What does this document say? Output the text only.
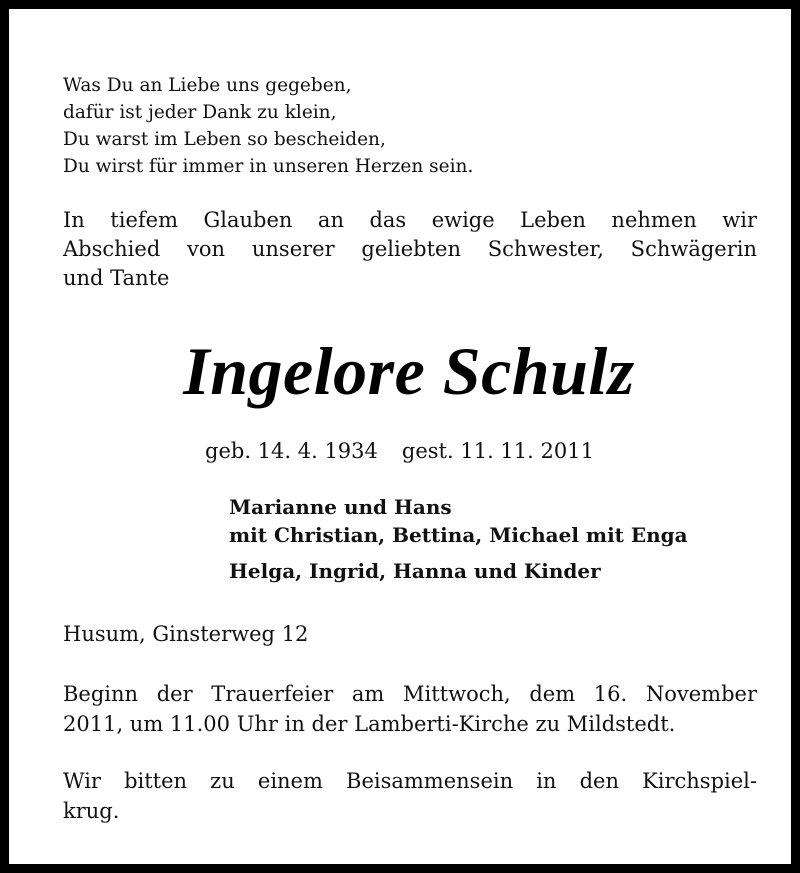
Was Du an Liebe uns gegeben,
dafür ist jeder Dank zu klein,
Du warst im Leben so bescheiden,
Du wirst für immer in unseren Herzen sein.
In tiefem Glauben an das ewige Leben nehmen wir
Abschied von unserer geliebten Schwester, Schwägerin
und Tante
Ingelore Schulz
geb. 14. 4. 1934 gest. 11. 11. 2011
Marianne und Hans
mit Christian, Bettina, Michael mit Enga
Helga, Ingrid, Hanna und Kinder
Husum, Ginsterweg 12
Beginn der Trauerfeier am Mittwoch, dem 16. November
2011, um 11.00 Uhr in der Lamberti-Kirche zu Mildstedt.
Wir bitten zu einem Beisammensein in den Kirchspiel-
krug.
